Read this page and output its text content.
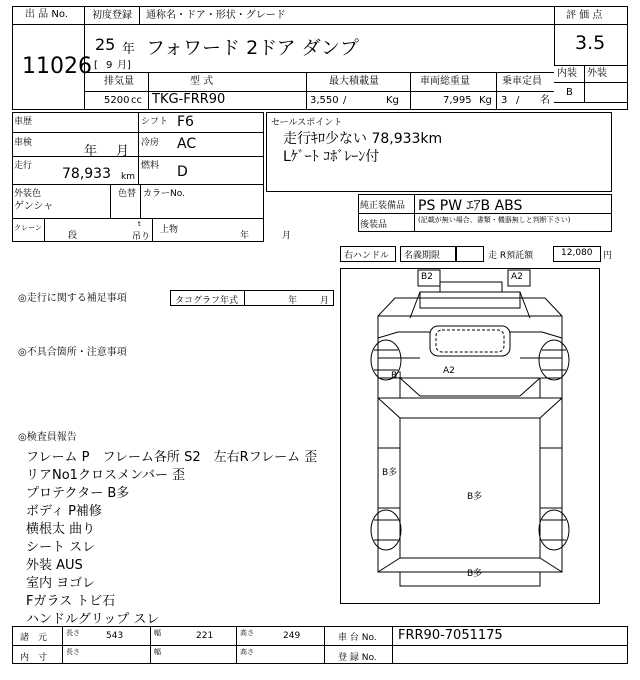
出 品 No.
11026
初度登録 通称名・ドア・形状・グレード
25 年
[ 9 月]
フォワード 2ドア ダンプ
評 価 点
3.5
内装 外装
B
排気量
5200 cc
型 式
TKG-FRR90
最大積載量
3,550 /	Kg
車両総重量
7,995 Kg
乗車定員
3 / 名
車歴
車検
年 月
走行 78,933 km
シフト F6
冷房 AC
燃料 D
外装色
ゲンシャ
色替 カラーNo.
クレーン
段
t
吊り
上物
年	月
セールスポイント
走行ｷﾛ少ない 78,933km
Lｹﾞｰﾄ ｺﾎﾞﾚｰﾝ付
純正装備品 PS PW ｴｱB ABS
後装品	(記載が無い場合、書類・機器無しと判断下さい)
右ハンドル 名義期限	走 R預託額	12,080 円
◎走行に関する補足事項	タコグラフ年式	年	月
◎不具合箇所・注意事項
◎検査員報告
フレーム P　フレーム各所 S2　左右Rフレーム 歪
リアNo1クロスメンバー 歪
プロテクター B多
ボディ P補修
横根太 曲り
シート スレ
外装 AUS
室内 ヨゴレ
Fガラス トビ石
ハンドルグリップ スレ
B2	A2
B1	A2
B多
B多
B多
諸　元	長さ	543	幅	221	高さ	249	車 台 No. FRR90-7051175
内　寸
長さ	幅	高さ
登 録 No.
